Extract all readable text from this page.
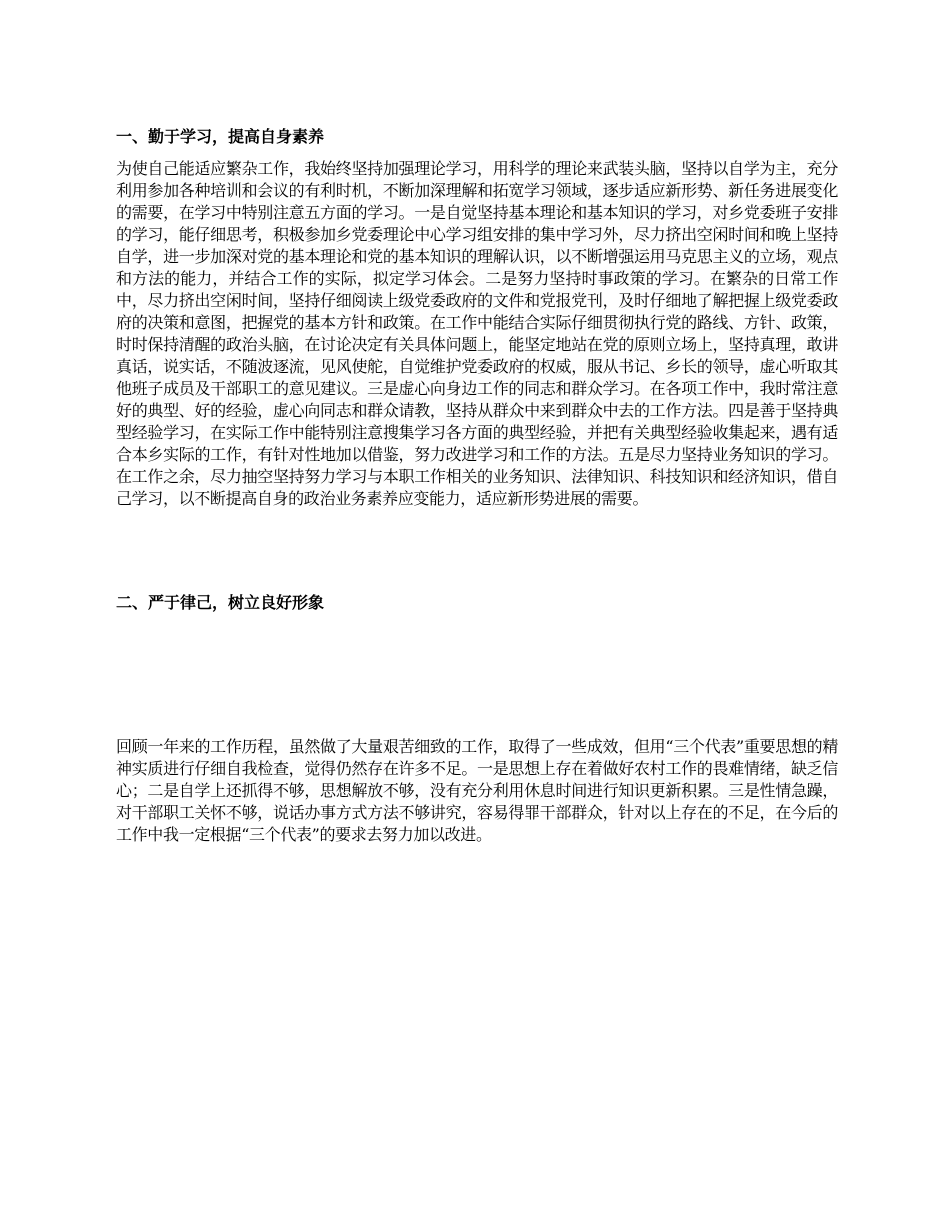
一、勤于学习，提高自身素养

为使自己能适应繁杂工作，我始终坚持加强理论学习，用科学的理论来武装头脑，坚持以自学为主，充分利用参加各种培训和会议的有利时机，不断加深理解和拓宽学习领域，逐步适应新形势、新任务进展变化的需要，在学习中特别注意五方面的学习。一是自觉坚持基本理论和基本知识的学习，对乡党委班子安排的学习，能仔细思考，积极参加乡党委理论中心学习组安排的集中学习外，尽力挤出空闲时间和晚上坚持自学，进一步加深对党的基本理论和党的基本知识的理解认识，以不断增强运用马克思主义的立场，观点和方法的能力，并结合工作的实际，拟定学习体会。二是努力坚持时事政策的学习。在繁杂的日常工作中，尽力挤出空闲时间，坚持仔细阅读上级党委政府的文件和党报党刊，及时仔细地了解把握上级党委政府的决策和意图，把握党的基本方针和政策。在工作中能结合实际仔细贯彻执行党的路线、方针、政策，时时保持清醒的政治头脑，在讨论决定有关具体问题上，能坚定地站在党的原则立场上，坚持真理，敢讲真话，说实话，不随波逐流，见风使舵，自觉维护党委政府的权威，服从书记、乡长的领导，虚心听取其他班子成员及干部职工的意见建议。三是虚心向身边工作的同志和群众学习。在各项工作中，我时常注意好的典型、好的经验，虚心向同志和群众请教，坚持从群众中来到群众中去的工作方法。四是善于坚持典型经验学习，在实际工作中能特别注意搜集学习各方面的典型经验，并把有关典型经验收集起来，遇有适合本乡实际的工作，有针对性地加以借鉴，努力改进学习和工作的方法。五是尽力坚持业务知识的学习。在工作之余，尽力抽空坚持努力学习与本职工作相关的业务知识、法律知识、科技知识和经济知识，借自己学习，以不断提高自身的政治业务素养应变能力，适应新形势进展的需要。

二、严于律己，树立良好形象

回顾一年来的工作历程，虽然做了大量艰苦细致的工作，取得了一些成效，但用“三个代表”重要思想的精神实质进行仔细自我检查，觉得仍然存在许多不足。一是思想上存在着做好农村工作的畏难情绪，缺乏信心；二是自学上还抓得不够，思想解放不够，没有充分利用休息时间进行知识更新积累。三是性情急躁，对干部职工关怀不够，说话办事方式方法不够讲究，容易得罪干部群众，针对以上存在的不足，在今后的工作中我一定根据“三个代表”的要求去努力加以改进。
